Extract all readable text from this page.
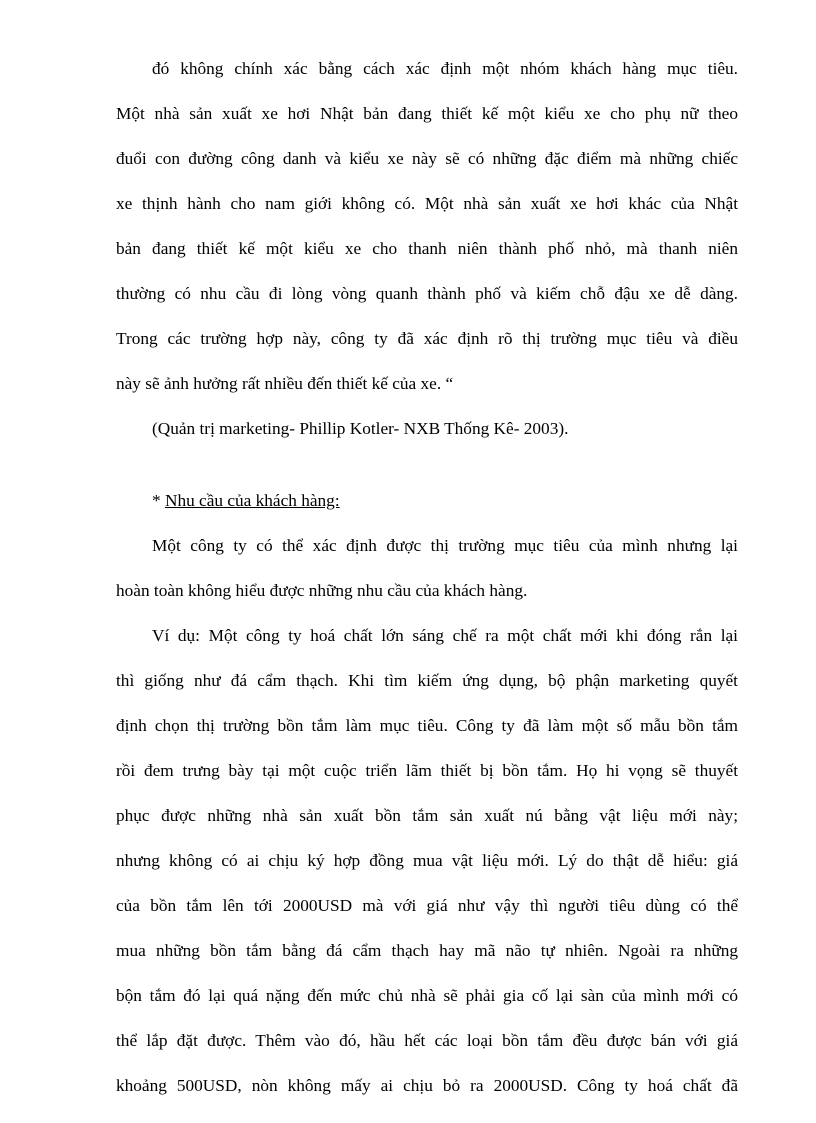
đó không chính xác bằng cách xác định một nhóm khách hàng mục tiêu.
Một nhà sản xuất xe hơi Nhật bản đang thiết kế một kiểu xe cho phụ nữ theo
đuổi con đường công danh và kiểu xe này sẽ có những đặc điểm mà những chiếc
xe thịnh hành cho nam giới không có. Một nhà sản xuất xe hơi khác của Nhật
bản đang thiết kế một kiểu xe cho thanh niên thành phố nhỏ, mà thanh niên
thường có nhu cầu đi lòng vòng quanh thành phố và kiếm chỗ đậu xe dễ dàng.
Trong các trường hợp này, công ty đã xác định rõ thị trường mục tiêu và điều
này sẽ ảnh hưởng rất nhiều đến thiết kế của xe. “
(Quản trị marketing- Phillip Kotler- NXB Thống Kê- 2003).
* Nhu cầu của khách hàng:
Một công ty có thể xác định được thị trường mục tiêu của mình nhưng lại
hoàn toàn không hiểu được những nhu cầu của khách hàng.
Ví dụ: Một công ty hoá chất lớn sáng chế ra một chất mới khi đóng rắn lại
thì giống như đá cẩm thạch. Khi tìm kiếm ứng dụng, bộ phận marketing quyết
định chọn thị trường bồn tắm làm mục tiêu. Công ty đã làm một số mẫu bồn tắm
rồi đem trưng bày tại một cuộc triển lãm thiết bị bồn tắm. Họ hi vọng sẽ thuyết
phục được những nhà sản xuất bồn tắm sản xuất nú bằng vật liệu mới này;
nhưng không có ai chịu ký hợp đồng mua vật liệu mới. Lý do thật dễ hiểu: giá
của bồn tắm lên tới 2000USD mà với giá như vậy thì người tiêu dùng có thể
mua những bồn tắm bằng đá cẩm thạch hay mã não tự nhiên. Ngoài ra những
bộn tắm đó lại quá nặng đến mức chủ nhà sẽ phải gia cố lại sàn của mình mới có
thể lắp đặt được. Thêm vào đó, hầu hết các loại bồn tắm đều được bán với giá
khoảng 500USD, nòn không mấy ai chịu bỏ ra 2000USD. Công ty hoá chất đã
